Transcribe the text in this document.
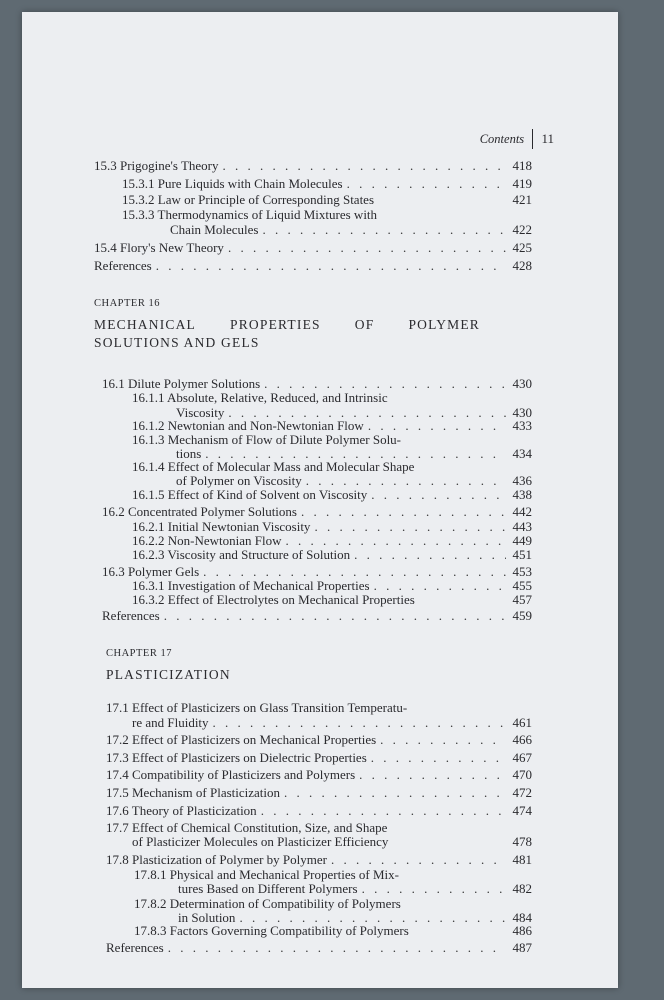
Contents	11
15.3 Prigogine's Theory . . .	418
15.3.1 Pure Liquids with Chain Molecules . . .	419
15.3.2 Law or Principle of Corresponding States	421
15.3.3 Thermodynamics of Liquid Mixtures with
Chain Molecules . . .	422
15.4 Flory's New Theory . . .	425
References . . .	428
CHAPTER 16
MECHANICAL	PROPERTIES	OF	POLYMER
SOLUTIONS AND GELS
16.1 Dilute Polymer Solutions . . .	430
16.1.1 Absolute, Relative, Reduced, and Intrinsic
Viscosity . . .	430
16.1.2 Newtonian and Non-Newtonian Flow . . .	433
16.1.3 Mechanism of Flow of Dilute Polymer Solu-
tions . . .	434
16.1.4 Effect of Molecular Mass and Molecular Shape
of Polymer on Viscosity . . .	436
16.1.5 Effect of Kind of Solvent on Viscosity . . .	438
16.2 Concentrated Polymer Solutions . . .	442
16.2.1 Initial Newtonian Viscosity . . .	443
16.2.2 Non-Newtonian Flow . . .	449
16.2.3 Viscosity and Structure of Solution . . .	451
16.3 Polymer Gels . . .	453
16.3.1 Investigation of Mechanical Properties . . .	455
16.3.2 Effect of Electrolytes on Mechanical Properties	457
References . . .	459
CHAPTER 17
PLASTICIZATION
17.1 Effect of Plasticizers on Glass Transition Temperatu-
re and Fluidity . . .	461
17.2 Effect of Plasticizers on Mechanical Properties . . .	466
17.3 Effect of Plasticizers on Dielectric Properties . . .	467
17.4 Compatibility of Plasticizers and Polymers . . .	470
17.5 Mechanism of Plasticization . . .	472
17.6 Theory of Plasticization . . .	474
17.7 Effect of Chemical Constitution, Size, and Shape
of Plasticizer Molecules on Plasticizer Efficiency	478
17.8 Plasticization of Polymer by Polymer . . .	481
17.8.1 Physical and Mechanical Properties of Mix-
tures Based on Different Polymers . . .	482
17.8.2 Determination of Compatibility of Polymers
in Solution . . .	484
17.8.3 Factors Governing Compatibility of Polymers	486
References . . .	487
